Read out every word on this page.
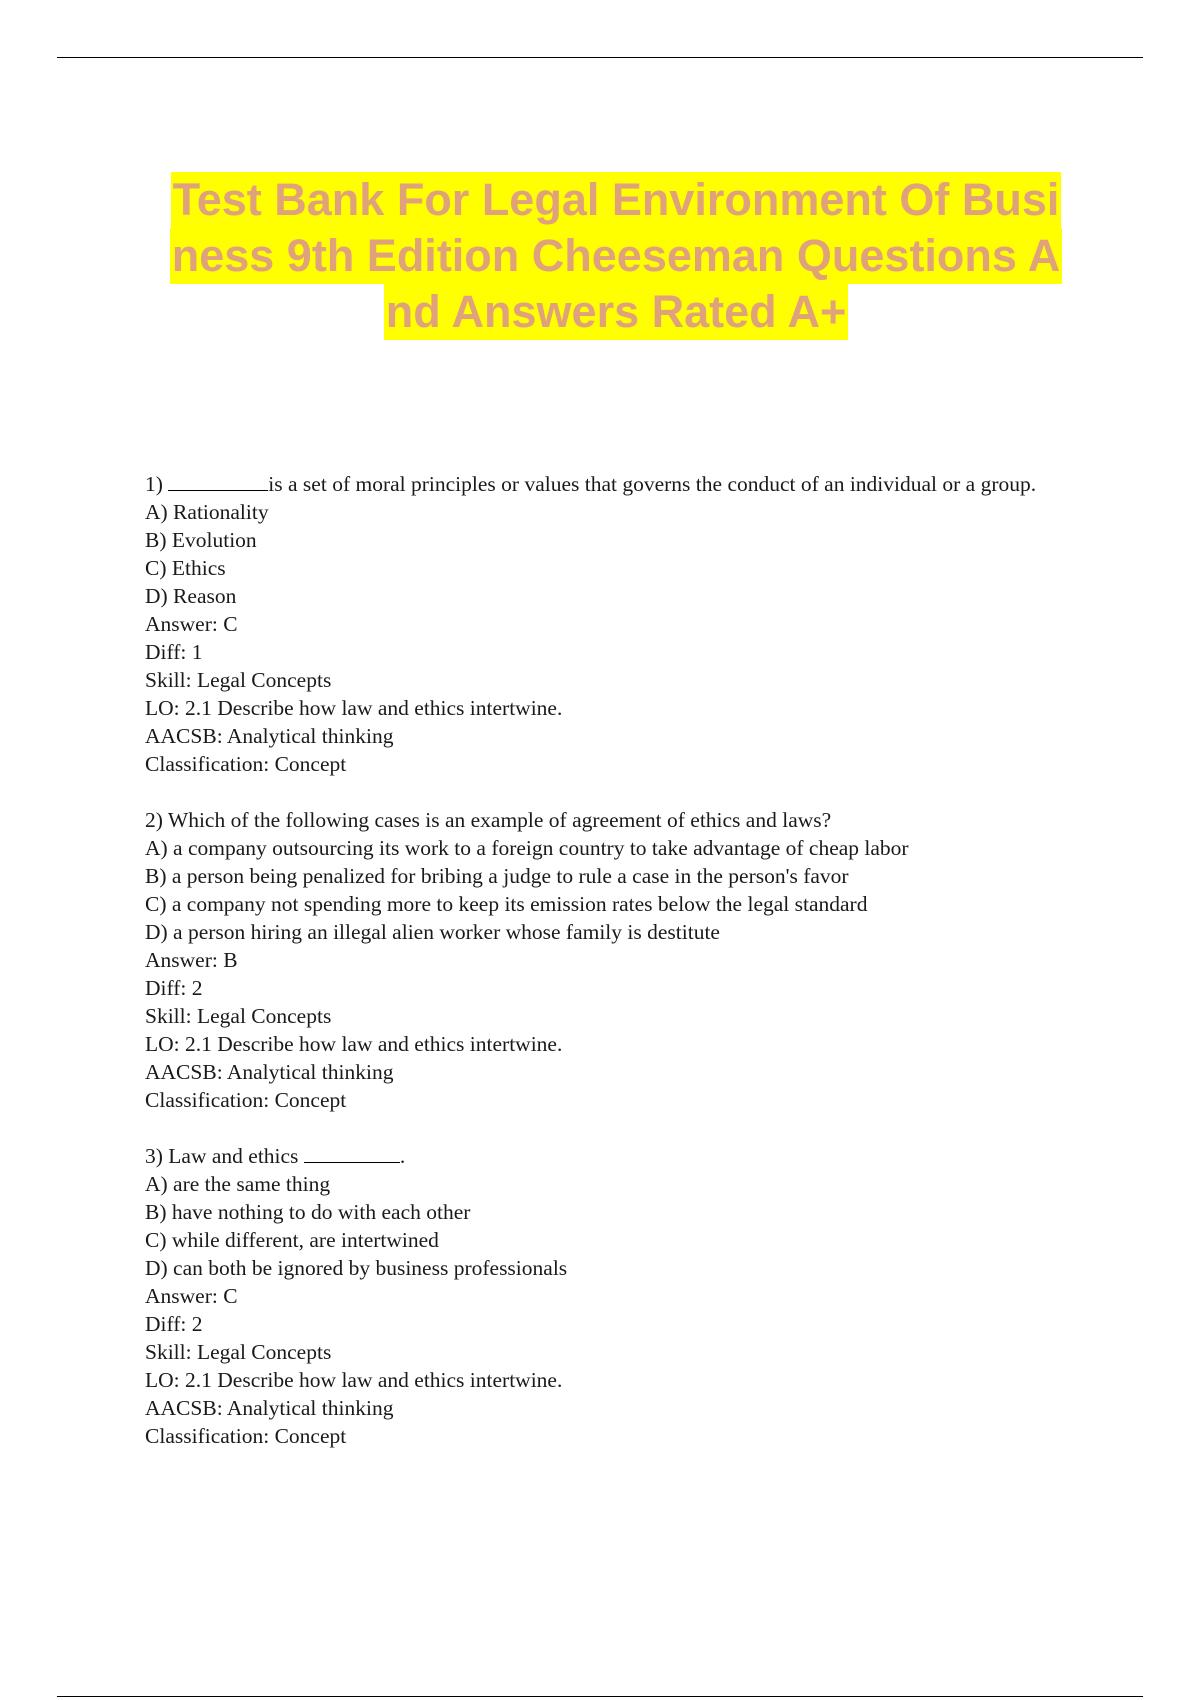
Test Bank For Legal Environment Of Busi
ness 9th Edition Cheeseman Questions A
nd Answers Rated A+
1)	is a set of moral principles or values that governs the conduct of an individual or a group.
A) Rationality
B) Evolution
C) Ethics
D) Reason
Answer: C
Diff: 1
Skill: Legal Concepts
LO: 2.1 Describe how law and ethics intertwine.
AACSB: Analytical thinking
Classification: Concept
2) Which of the following cases is an example of agreement of ethics and laws?
A) a company outsourcing its work to a foreign country to take advantage of cheap labor
B) a person being penalized for bribing a judge to rule a case in the person's favor
C) a company not spending more to keep its emission rates below the legal standard
D) a person hiring an illegal alien worker whose family is destitute
Answer: B
Diff: 2
Skill: Legal Concepts
LO: 2.1 Describe how law and ethics intertwine.
AACSB: Analytical thinking
Classification: Concept
3) Law and ethics	.
A) are the same thing
B) have nothing to do with each other
C) while different, are intertwined
D) can both be ignored by business professionals
Answer: C
Diff: 2
Skill: Legal Concepts
LO: 2.1 Describe how law and ethics intertwine.
AACSB: Analytical thinking
Classification: Concept
